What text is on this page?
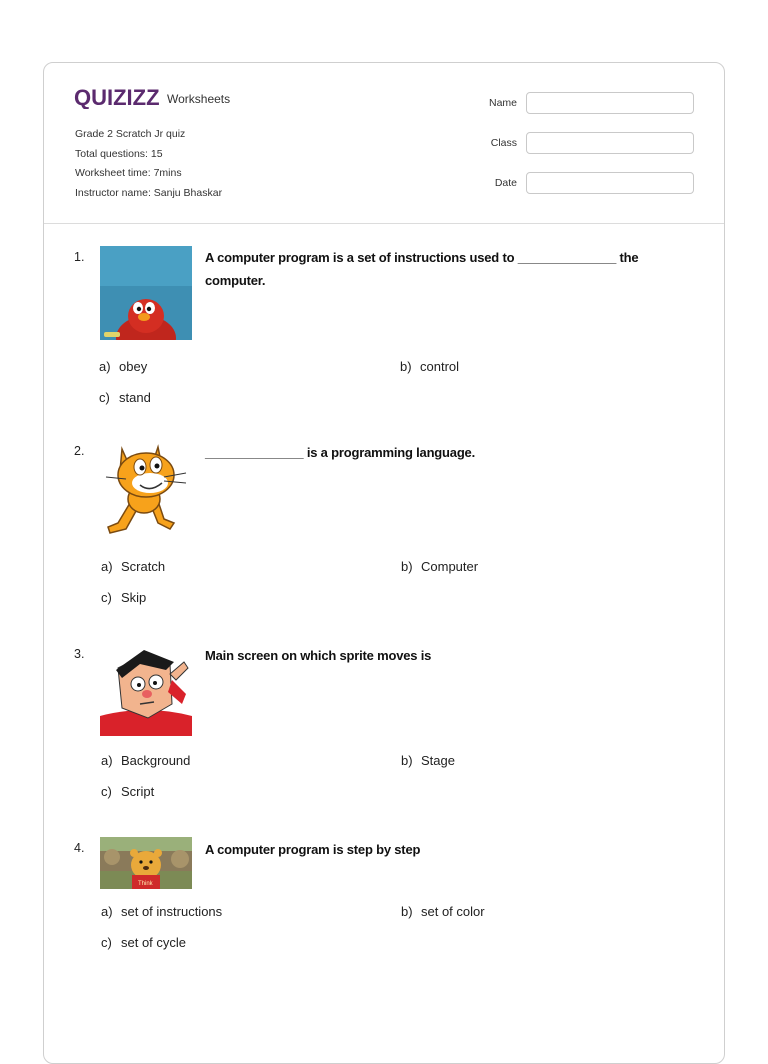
QUIZIZZ Worksheets
Grade 2 Scratch Jr quiz
Total questions: 15
Worksheet time: 7mins
Instructor name: Sanju Bhaskar
Name
Class
Date
1.	A computer program is a set of instructions used to ______________ the computer.
a) obey	b) control
c) stand
2.	______________ is a programming language.
a) Scratch	b) Computer
c) Skip
3.	Main screen on which sprite moves is
a) Background	b) Stage
c) Script
4.
Think
A computer program is step by step
a) set of instructions	b) set of color
c) set of cycle
